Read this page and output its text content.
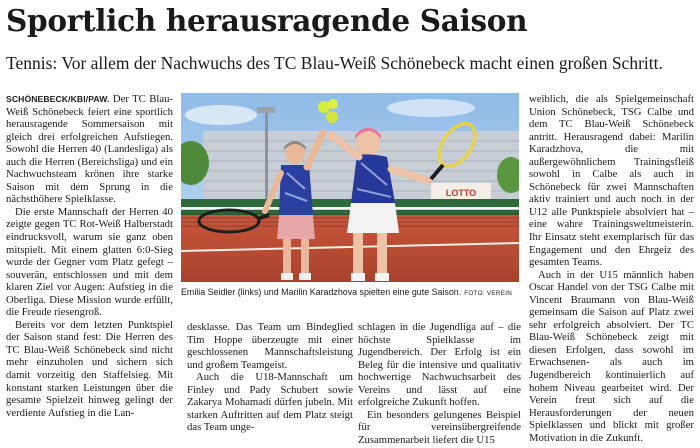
Sportlich herausragende Saison
Tennis: Vor allem der Nachwuchs des TC Blau-Weiß Schönebeck macht einen großen Schritt.

SCHÖNEBECK/KBI/PAW. Der TC Blau-Weiß Schönebeck feiert eine sportlich herausragende Sommersaison mit gleich drei erfolgreichen Aufstiegen. Sowohl die Herren 40 (Landesliga) als auch die Herren (Bereichsliga) und ein Nachwuchsteam krönen ihre starke Saison mit dem Sprung in die nächsthöhere Spielklasse.

Die erste Mannschaft der Herren 40 zeigte gegen TC Rot-Weiß Halberstadt eindrucksvoll, warum sie ganz oben mitspielt. Mit einem glatten 6:0-Sieg wurde der Gegner vom Platz gefegt – souverän, entschlossen und mit dem klaren Ziel vor Augen: Aufstieg in die Oberliga. Diese Mission wurde erfüllt, die Freude riesengroß.

Bereits vor dem letzten Punktspiel der Saison stand fest: Die Herren des TC Blau-Weiß Schönebeck sind nicht mehr einzuholen und sichern sich damit vorzeitig den Staffelsieg. Mit konstant starken Leistungen über die gesamte Spielzeit hinweg gelingt der verdiente Aufstieg in die Lan-

LOTTO
Emilia Seidler (links) und Marilin Karadzhova spielten eine gute Saison. FOTO: VEREIN

desklasse. Das Team um Bindeglied Tim Hoppe überzeugte mit einer geschlossenen Mannschaftsleistung und großem Teamgeist.

Auch die U18-Mannschaft um Finley und Pady Schubert sowie Zakarya Mohamadi dürfen jubeln. Mit starken Auftritten auf dem Platz steigt das Team unge-

schlagen in die Jugendliga auf – die höchste Spielklasse im Jugendbereich. Der Erfolg ist ein Beleg für die intensive und qualitativ hochwertige Nachwuchsarbeit des Vereins und lässt auf eine erfolgreiche Zukunft hoffen.

Ein besonders gelungenes Beispiel für vereinsübergreifende Zusammenarbeit liefert die U15

weiblich, die als Spielgemeinschaft Union Schönebeck, TSG Calbe und dem TC Blau-Weiß Schönebeck antritt. Herausragend dabei: Marilin Karadzhova, die mit außergewöhnlichem Trainingsfleiß sowohl in Calbe als auch in Schönebeck für zwei Mannschaften aktiv trainiert und auch noch in der U12 alle Punktspiele absolviert hat – eine wahre Trainingsweltmeisterin. Ihr Einsatz steht exemplarisch für das Engagement und den Ehrgeiz des gesamten Teams.

Auch in der U15 männlich haben Oscar Handel von der TSG Calbe mit Vincent Braumann von Blau-Weiß gemeinsam die Saison auf Platz zwei sehr erfolgreich absolviert. Der TC Blau-Weiß Schönebeck zeigt mit diesen Erfolgen, dass sowohl im Erwachsenen- als auch im Jugendbereich kontinuierlich auf hohem Niveau gearbeitet wird. Der Verein freut sich auf die Herausforderungen der neuen Spielklassen und blickt mit großer Motivation in die Zukunft.
